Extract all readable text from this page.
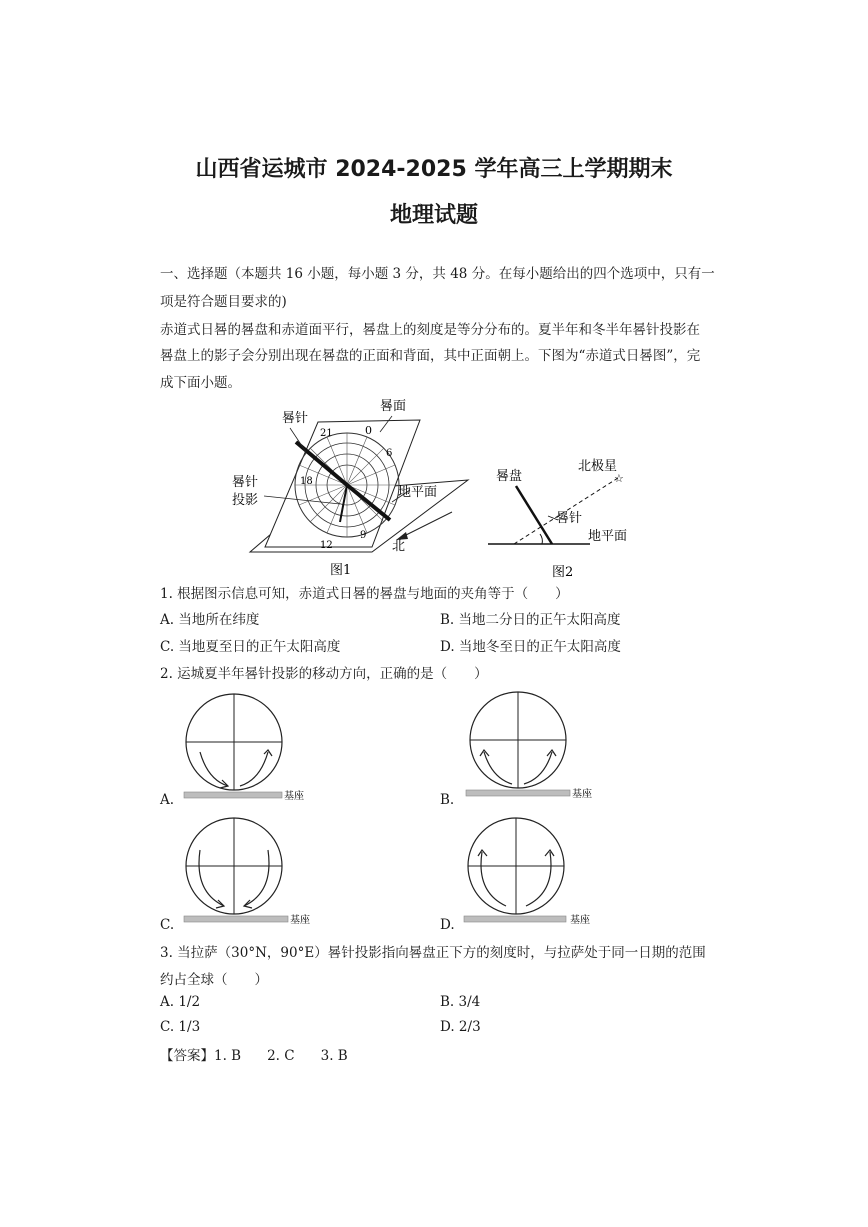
山西省运城市 2024-2025 学年高三上学期期末
地理试题
一、选择题（本题共 16 小题，每小题 3 分，共 48 分。在每小题给出的四个选项中，只有一
项是符合题目要求的)
赤道式日晷的晷盘和赤道面平行，晷盘上的刻度是等分分布的。夏半年和冬半年晷针投影在
晷盘上的影子会分别出现在晷盘的正面和背面，其中正面朝上。下图为“赤道式日晷图”，完
成下面小题。
0
6
9
12
18
21
晷针
晷面
晷针
投影
地平面
北
图1
☆
晷盘
北极星
晷针
地平面
图2
1. 根据图示信息可知，赤道式日晷的晷盘与地面的夹角等于（　　）
A. 当地所在纬度	B. 当地二分日的正午太阳高度
C. 当地夏至日的正午太阳高度	D. 当地冬至日的正午太阳高度
2. 运城夏半年晷针投影的移动方向，正确的是（　　）
A.	基座	B.	基座
C.	基座	D.	基座
3. 当拉萨（30°N，90°E）晷针投影指向晷盘正下方的刻度时，与拉萨处于同一日期的范围
约占全球（　　）
A. 1/2	B. 3/4
C. 1/3	D. 2/3
【答案】1. B 2. C 3. B
